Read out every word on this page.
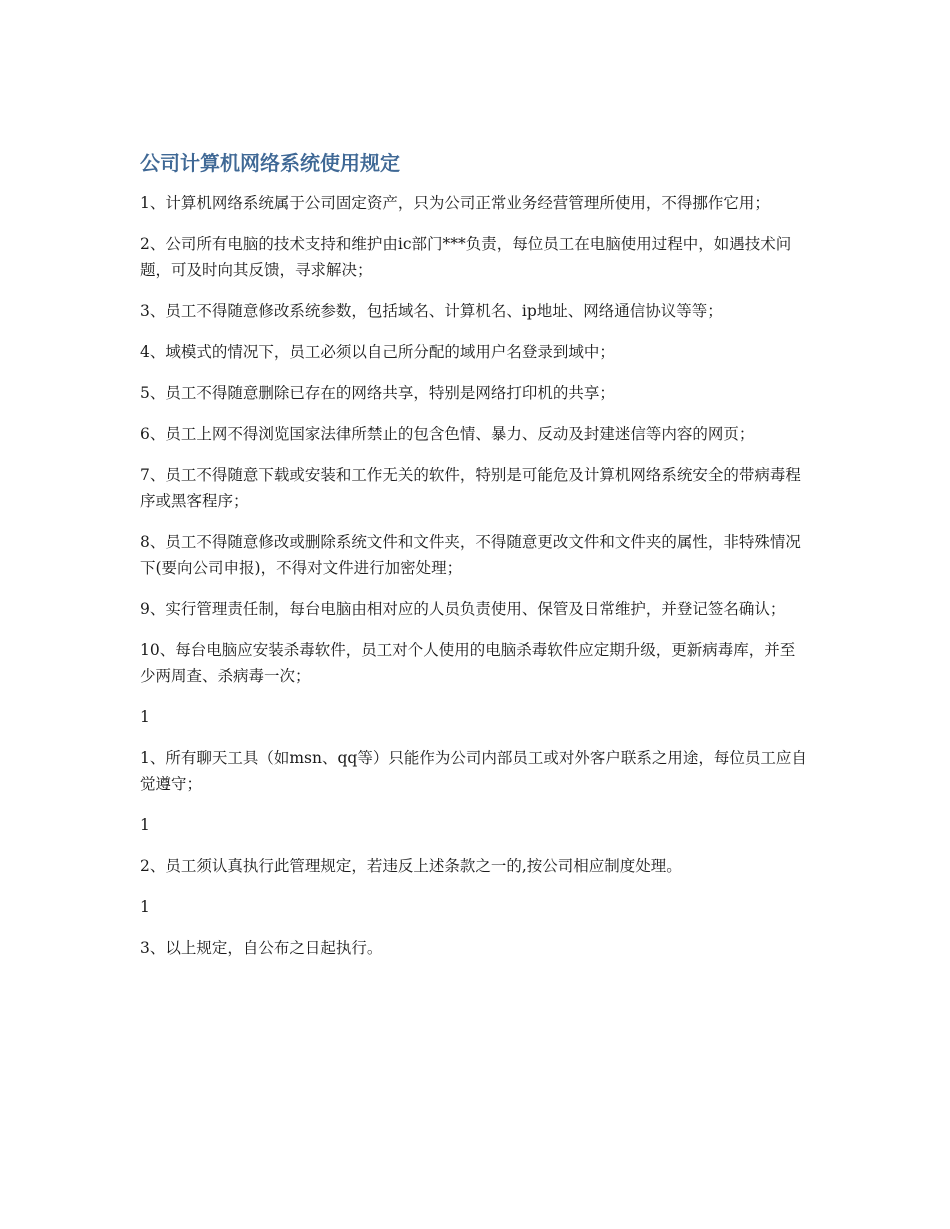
公司计算机网络系统使用规定

1、计算机网络系统属于公司固定资产，只为公司正常业务经营管理所使用，不得挪作它用；

2、公司所有电脑的技术支持和维护由ic部门***负责，每位员工在电脑使用过程中，如遇技术问题，可及时向其反馈，寻求解决；

3、员工不得随意修改系统参数，包括域名、计算机名、ip地址、网络通信协议等等；

4、域模式的情况下，员工必须以自己所分配的域用户名登录到域中；

5、员工不得随意删除已存在的网络共享，特别是网络打印机的共享；

6、员工上网不得浏览国家法律所禁止的包含色情、暴力、反动及封建迷信等内容的网页；

7、员工不得随意下载或安装和工作无关的软件，特别是可能危及计算机网络系统安全的带病毒程序或黑客程序；

8、员工不得随意修改或删除系统文件和文件夹，不得随意更改文件和文件夹的属性，非特殊情况下(要向公司申报)，不得对文件进行加密处理；

9、实行管理责任制，每台电脑由相对应的人员负责使用、保管及日常维护，并登记签名确认；

10、每台电脑应安装杀毒软件，员工对个人使用的电脑杀毒软件应定期升级，更新病毒库，并至少两周查、杀病毒一次；

1

1、所有聊天工具（如msn、qq等）只能作为公司内部员工或对外客户联系之用途，每位员工应自觉遵守；

1

2、员工须认真执行此管理规定，若违反上述条款之一的,按公司相应制度处理。

1

3、以上规定，自公布之日起执行。
